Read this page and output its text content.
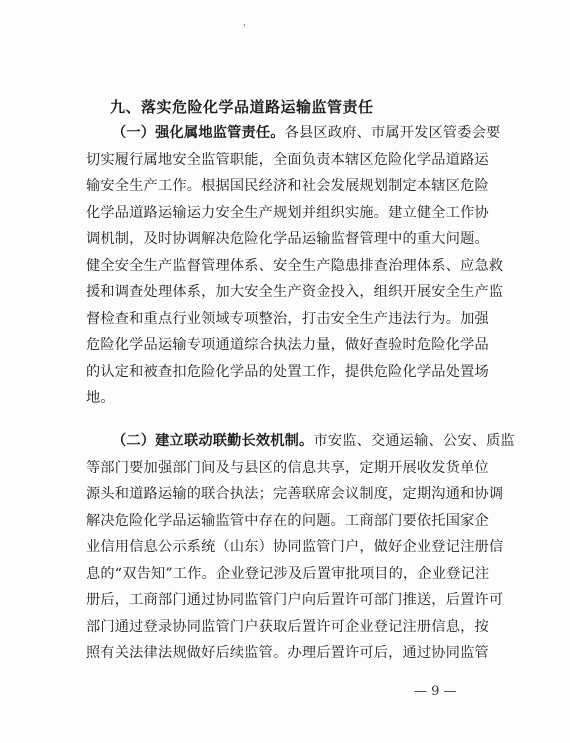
'
九、落实危险化学品道路运输监管责任
（一）强化属地监管责任。各县区政府、市属开发区管委会要
切实履行属地安全监管职能，全面负责本辖区危险化学品道路运
输安全生产工作。根据国民经济和社会发展规划制定本辖区危险
化学品道路运输运力安全生产规划并组织实施。建立健全工作协
调机制，及时协调解决危险化学品运输监督管理中的重大问题。
健全安全生产监督管理体系、安全生产隐患排查治理体系、应急救
援和调查处理体系，加大安全生产资金投入，组织开展安全生产监
督检查和重点行业领域专项整治，打击安全生产违法行为。加强
危险化学品运输专项通道综合执法力量，做好查验时危险化学品
的认定和被查扣危险化学品的处置工作，提供危险化学品处置场
地。
（二）建立联动联勤长效机制。市安监、交通运输、公安、质监
等部门要加强部门间及与县区的信息共享，定期开展收发货单位
源头和道路运输的联合执法；完善联席会议制度，定期沟通和协调
解决危险化学品运输监管中存在的问题。工商部门要依托国家企
业信用信息公示系统（山东）协同监管门户，做好企业登记注册信
息的“双告知”工作。企业登记涉及后置审批项目的，企业登记注
册后，工商部门通过协同监管门户向后置许可部门推送，后置许可
部门通过登录协同监管门户获取后置许可企业登记注册信息，按
照有关法律法规做好后续监管。办理后置许可后，通过协同监管
— 9 —
